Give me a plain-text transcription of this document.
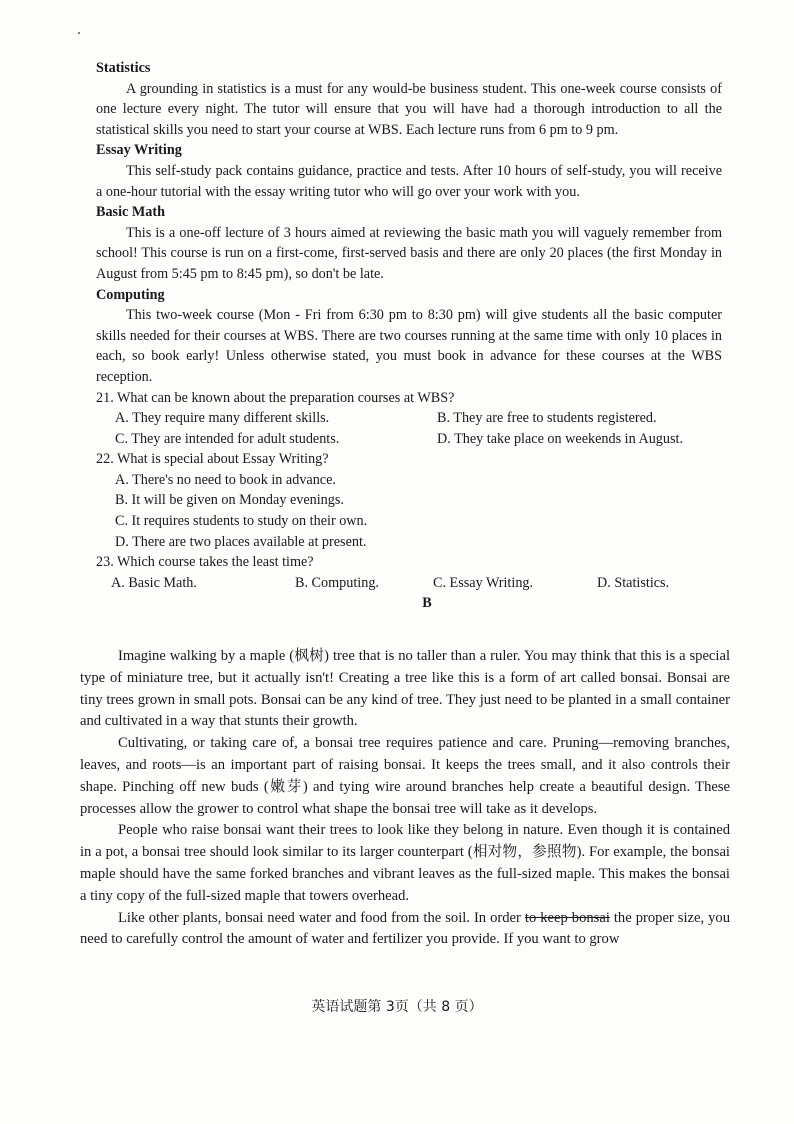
Statistics

A grounding in statistics is a must for any would-be business student. This one-week course consists of one lecture every night. The tutor will ensure that you will have had a thorough introduction to all the statistical skills you need to start your course at WBS. Each lecture runs from 6 pm to 9 pm.

Essay Writing

This self-study pack contains guidance, practice and tests. After 10 hours of self-study, you will receive a one-hour tutorial with the essay writing tutor who will go over your work with you.

Basic Math

This is a one-off lecture of 3 hours aimed at reviewing the basic math you will vaguely remember from school! This course is run on a first-come, first-served basis and there are only 20 places (the first Monday in August from 5:45 pm to 8:45 pm), so don't be late.

Computing

This two-week course (Mon - Fri from 6:30 pm to 8:30 pm) will give students all the basic computer skills needed for their courses at WBS. There are two courses running at the same time with only 10 places in each, so book early! Unless otherwise stated, you must book in advance for these courses at the WBS reception.

21. What can be known about the preparation courses at WBS?
A. They require many different skills.	B. They are free to students registered.
C. They are intended for adult students.	D. They take place on weekends in August.
22. What is special about Essay Writing?
A. There's no need to book in advance.
B. It will be given on Monday evenings.
C. It requires students to study on their own.
D. There are two places available at present.
23. Which course takes the least time?
A. Basic Math.	B. Computing.	C. Essay Writing.	D. Statistics.
B

Imagine walking by a maple (枫树) tree that is no taller than a ruler. You may think that this is a special type of miniature tree, but it actually isn't! Creating a tree like this is a form of art called bonsai. Bonsai are tiny trees grown in small pots. Bonsai can be any kind of tree. They just need to be planted in a small container and cultivated in a way that stunts their growth.

Cultivating, or taking care of, a bonsai tree requires patience and care. Pruning—removing branches, leaves, and roots—is an important part of raising bonsai. It keeps the trees small, and it also controls their shape. Pinching off new buds (嫩芽) and tying wire around branches help create a beautiful design. These processes allow the grower to control what shape the bonsai tree will take as it develops.

People who raise bonsai want their trees to look like they belong in nature. Even though it is contained in a pot, a bonsai tree should look similar to its larger counterpart (相对物，参照物). For example, the bonsai maple should have the same forked branches and vibrant leaves as the full-sized maple. This makes the bonsai a tiny copy of the full-sized maple that towers overhead.

Like other plants, bonsai need water and food from the soil. In order to keep bonsai the proper size, you need to carefully control the amount of water and fertilizer you provide. If you want to grow

英语试题第 3页（共 8 页）
